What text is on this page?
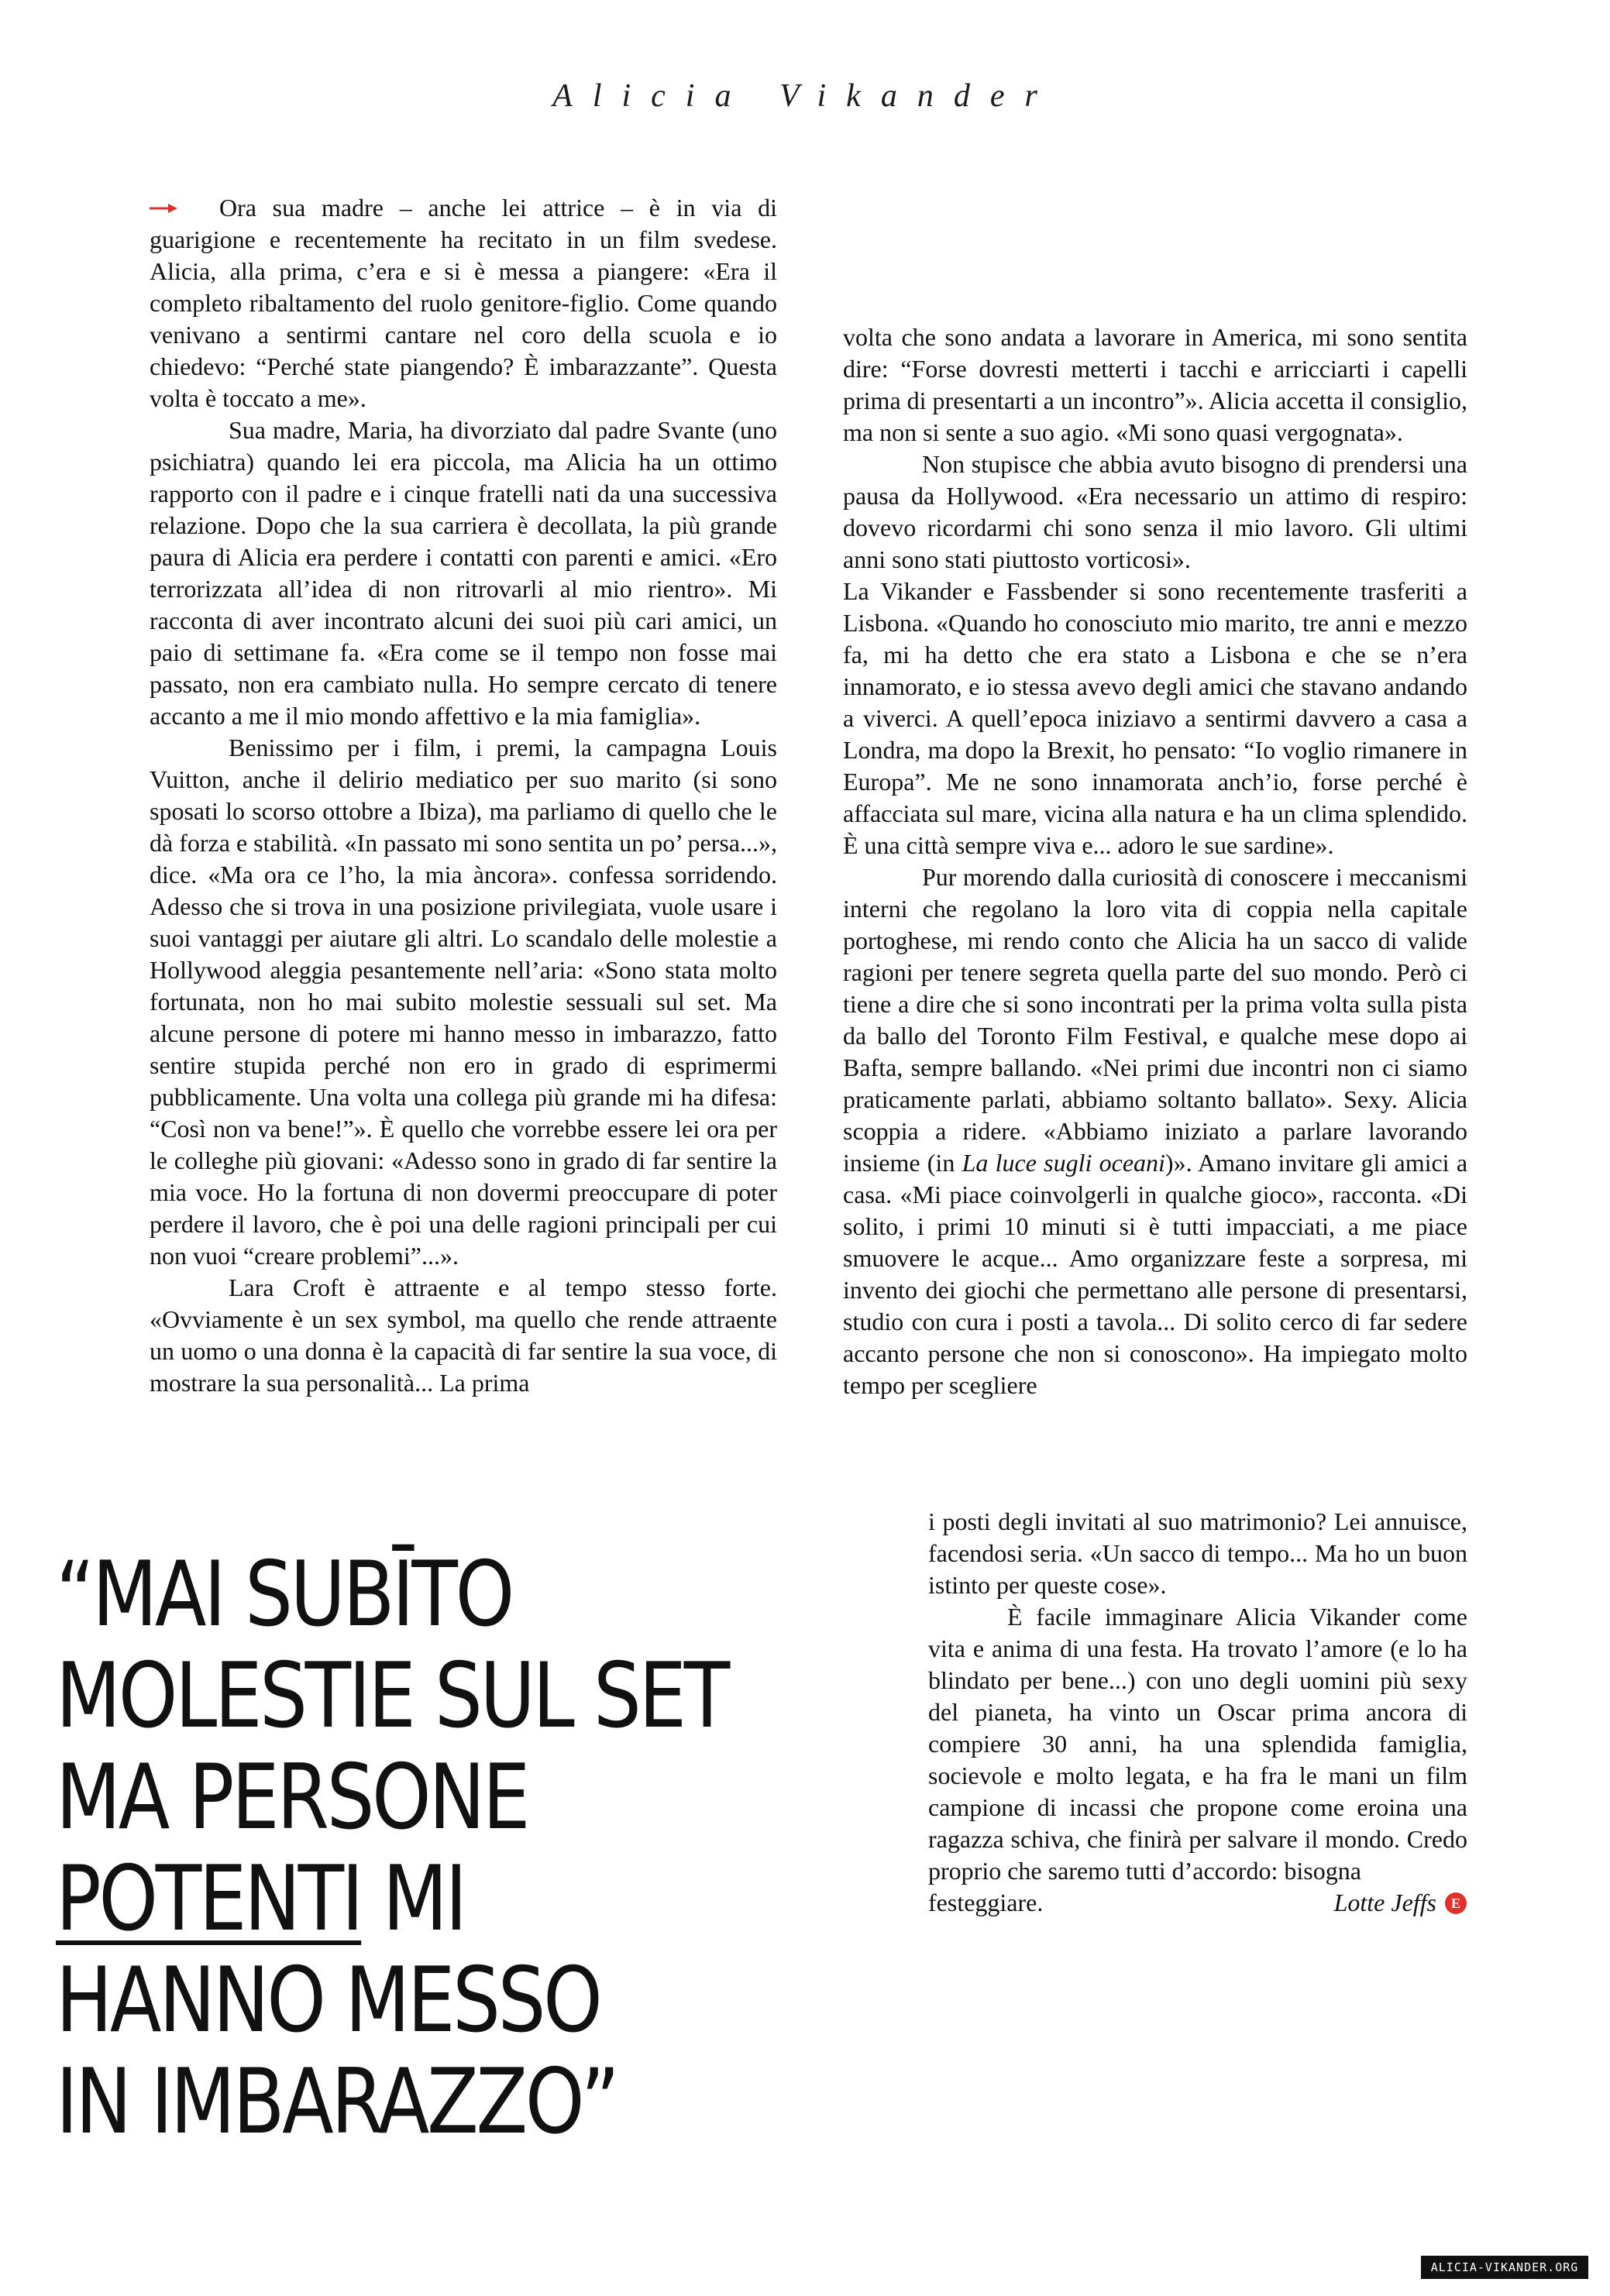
Alicia Vikander

Ora sua madre – anche lei attrice – è in via di guarigione e recentemente ha recitato in un film svedese. Alicia, alla prima, c’era e si è messa a piangere: «Era il completo ribaltamento del ruolo genitore-figlio. Come quando venivano a sentirmi cantare nel coro della scuola e io chiedevo: “Perché state piangendo? È imbarazzante”. Questa volta è toccato a me».

Sua madre, Maria, ha divorziato dal padre Svante (uno psichiatra) quando lei era piccola, ma Alicia ha un ottimo rapporto con il padre e i cinque fratelli nati da una successiva relazione. Dopo che la sua carriera è decollata, la più grande paura di Alicia era perdere i contatti con parenti e amici. «Ero terrorizzata all’idea di non ritrovarli al mio rientro». Mi racconta di aver incontrato alcuni dei suoi più cari amici, un paio di settimane fa. «Era come se il tempo non fosse mai passato, non era cambiato nulla. Ho sempre cercato di tenere accanto a me il mio mondo affettivo e la mia famiglia».

Benissimo per i film, i premi, la campagna Louis Vuitton, anche il delirio mediatico per suo marito (si sono sposati lo scorso ottobre a Ibiza), ma parliamo di quello che le dà forza e stabilità. «In passato mi sono sentita un po’ persa...», dice. «Ma ora ce l’ho, la mia àncora». confessa sorridendo. Adesso che si trova in una posizione privilegiata, vuole usare i suoi vantaggi per aiutare gli altri. Lo scandalo delle molestie a Hollywood aleggia pesantemente nell’aria: «Sono stata molto fortunata, non ho mai subito molestie sessuali sul set. Ma alcune persone di potere mi hanno messo in imbarazzo, fatto sentire stupida perché non ero in grado di esprimermi pubblicamente. Una volta una collega più grande mi ha difesa: “Così non va bene!”». È quello che vorrebbe essere lei ora per le colleghe più giovani: «Adesso sono in grado di far sentire la mia voce. Ho la fortuna di non dovermi preoccupare di poter perdere il lavoro, che è poi una delle ragioni principali per cui non vuoi “creare problemi”...».

Lara Croft è attraente e al tempo stesso forte. «Ovviamente è un sex symbol, ma quello che rende attraente un uomo o una donna è la capacità di far sentire la sua voce, di mostrare la sua personalità... La prima

volta che sono andata a lavorare in America, mi sono sentita dire: “Forse dovresti metterti i tacchi e arricciarti i capelli prima di presentarti a un incontro”». Alicia accetta il consiglio, ma non si sente a suo agio. «Mi sono quasi vergognata».

Non stupisce che abbia avuto bisogno di prendersi una pausa da Hollywood. «Era necessario un attimo di respiro: dovevo ricordarmi chi sono senza il mio lavoro. Gli ultimi anni sono stati piuttosto vorticosi».

La Vikander e Fassbender si sono recentemente trasferiti a Lisbona. «Quando ho conosciuto mio marito, tre anni e mezzo fa, mi ha detto che era stato a Lisbona e che se n’era innamorato, e io stessa avevo degli amici che stavano andando a viverci. A quell’epoca iniziavo a sentirmi davvero a casa a Londra, ma dopo la Brexit, ho pensato: “Io voglio rimanere in Europa”. Me ne sono innamorata anch’io, forse perché è affacciata sul mare, vicina alla natura e ha un clima splendido. È una città sempre viva e... adoro le sue sardine».

Pur morendo dalla curiosità di conoscere i meccanismi interni che regolano la loro vita di coppia nella capitale portoghese, mi rendo conto che Alicia ha un sacco di valide ragioni per tenere segreta quella parte del suo mondo. Però ci tiene a dire che si sono incontrati per la prima volta sulla pista da ballo del Toronto Film Festival, e qualche mese dopo ai Bafta, sempre ballando. «Nei primi due incontri non ci siamo praticamente parlati, abbiamo soltanto ballato». Sexy. Alicia scoppia a ridere. «Abbiamo iniziato a parlare lavorando insieme (in La luce sugli oceani)». Amano invitare gli amici a casa. «Mi piace coinvolgerli in qualche gioco», racconta. «Di solito, i primi 10 minuti si è tutti impacciati, a me piace smuovere le acque... Amo organizzare feste a sorpresa, mi invento dei giochi che permettano alle persone di presentarsi, studio con cura i posti a tavola... Di solito cerco di far sedere accanto persone che non si conoscono». Ha impiegato molto tempo per scegliere

i posti degli invitati al suo matrimonio? Lei annuisce, facendosi seria. «Un sacco di tempo... Ma ho un buon istinto per queste cose».

È facile immaginare Alicia Vikander come vita e anima di una festa. Ha trovato l’amore (e lo ha blindato per bene...) con uno degli uomini più sexy del pianeta, ha vinto un Oscar prima ancora di compiere 30 anni, ha una splendida famiglia, socievole e molto legata, e ha fra le mani un film campione di incassi che propone come eroina una ragazza schiva, che finirà per salvare il mondo. Credo proprio che saremo tutti d’accordo: bisogna

festeggiare.	Lotte Jeffs E
“MAI SUBĪTO
MOLESTIE SUL SET
MA PERSONE
POTENTI MI
HANNO MESSO
IN IMBARAZZO”
ALICIA-VIKANDER.ORG
